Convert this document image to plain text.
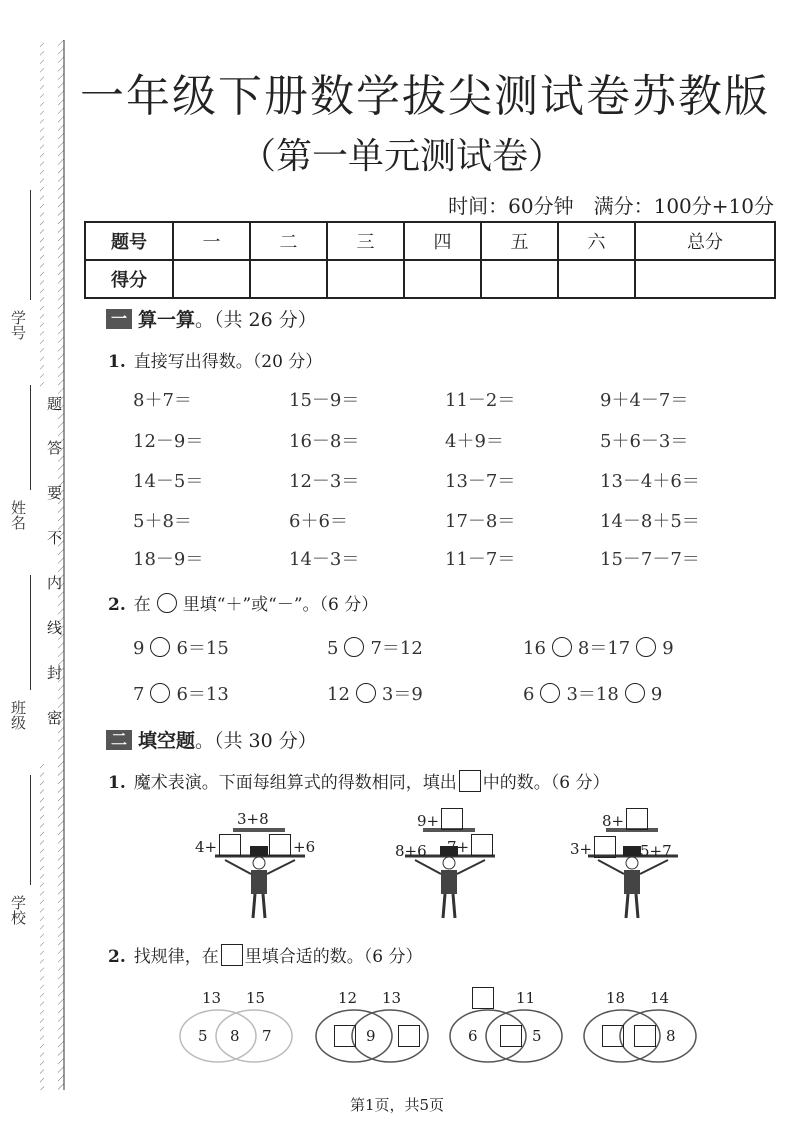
学号
姓名
班级
学校
题
答
要
不
内
线
封
密
一年级下册数学拔尖测试卷苏教版
（第一单元测试卷）
时间：60分钟　满分：100分+10分
题号	一	二	三	四	五	六	总分
得分							
一 算一算 。（共 26 分）
1. 直接写出得数。（20 分）
8＋7＝	15－9＝	11－2＝	9＋4－7＝
12－9＝	16－8＝	4＋9＝	5＋6－3＝
14－5＝	12－3＝	13－7＝	13－4＋6＝
5＋8＝	6＋6＝	17－8＝	14－8＋5＝
18－9＝	14－3＝	11－7＝	15－7－7＝
2. 在 里填“＋”或“－”。（6 分）
9 6＝15	5 7＝12	16 8＝17 9
7 6＝13	12 3＝9	6 3＝18 9
二 填空题 。（共 30 分）
1. 魔术表演。下面每组算式的得数相同，填出 中的数。（6 分）
3+8
4+	+6
9+
8+6 7+
8+
3+	5+7
2. 找规律，在 里填合适的数。（6 分）
13 15
5 8 7
12 13
9
11
6	5
18 14
8
第1页，共5页
